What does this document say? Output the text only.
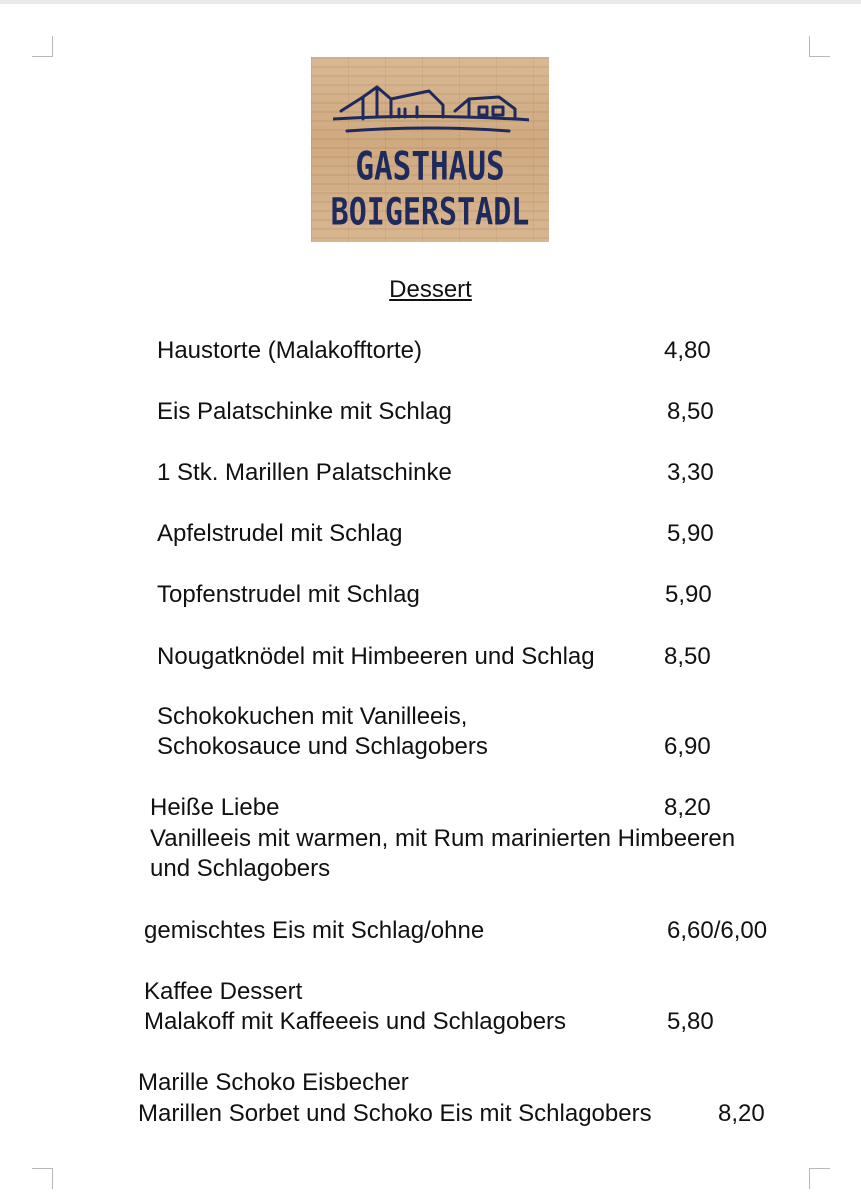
GASTHAUS
BOIGERSTADL
Dessert
Haustorte (Malakofftorte)	4,80
Eis Palatschinke mit Schlag	8,50
1 Stk. Marillen Palatschinke	3,30
Apfelstrudel mit Schlag	5,90
Topfenstrudel mit Schlag	5,90
Nougatknödel mit Himbeeren und Schlag	8,50
Schokokuchen mit Vanilleeis,
Schokosauce und Schlagobers	6,90
Heiße Liebe	8,20
Vanilleeis mit warmen, mit Rum marinierten Himbeeren
und Schlagobers
gemischtes Eis mit Schlag/ohne	6,60/6,00
Kaffee Dessert
Malakoff mit Kaffeeeis und Schlagobers	5,80
Marille Schoko Eisbecher
Marillen Sorbet und Schoko Eis mit Schlagobers	8,20
